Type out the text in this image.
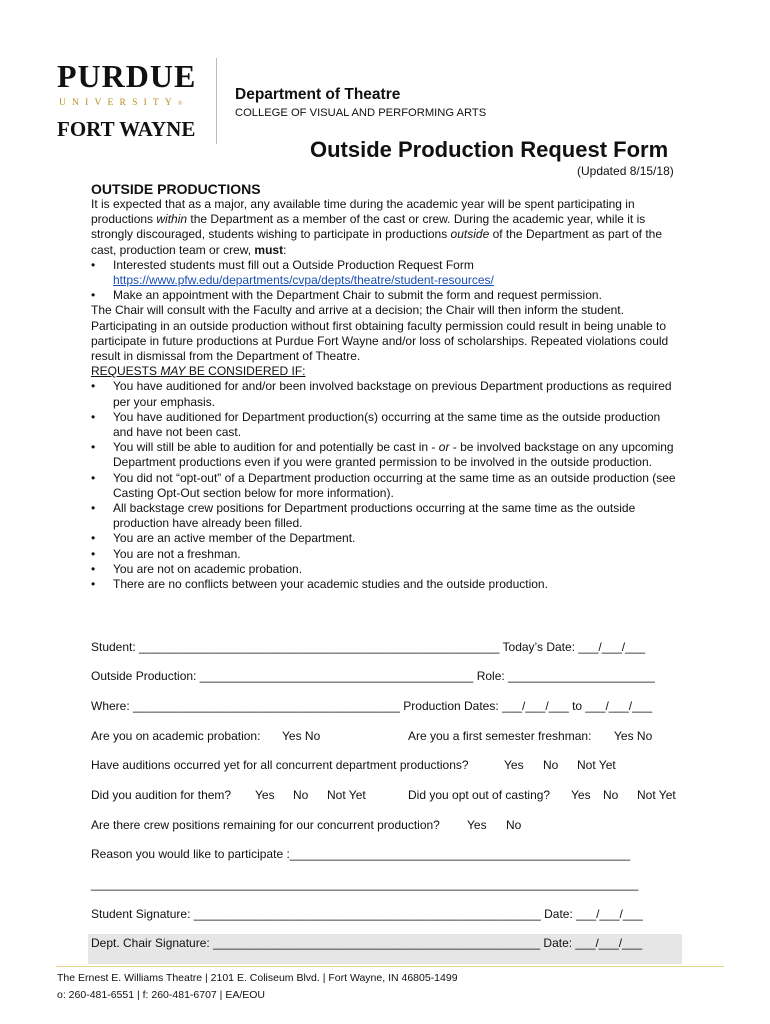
PURDUE
UNIVERSITY®
FORT WAYNE
Department of Theatre
COLLEGE OF VISUAL AND PERFORMING ARTS
Outside Production Request Form
(Updated 8/15/18)
OUTSIDE PRODUCTIONS

It is expected that as a major, any available time during the academic year will be spent participating in productions within the Department as a member of the cast or crew. During the academic year, while it is strongly discouraged, students wishing to participate in productions outside of the Department as part of the cast, production team or crew, must:

• Interested students must fill out a Outside Production Request Form
https://www.pfw.edu/departments/cvpa/depts/theatre/student-resources/
• Make an appointment with the Department Chair to submit the form and request permission.

The Chair will consult with the Faculty and arrive at a decision; the Chair will then inform the student. Participating in an outside production without first obtaining faculty permission could result in being unable to participate in future productions at Purdue Fort Wayne and/or loss of scholarships. Repeated violations could result in dismissal from the Department of Theatre.

REQUESTS MAY BE CONSIDERED IF:

• You have auditioned for and/or been involved backstage on previous Department productions as required per your emphasis.
• You have auditioned for Department production(s) occurring at the same time as the outside production and have not been cast.
• You will still be able to audition for and potentially be cast in - or - be involved backstage on any upcoming Department productions even if you were granted permission to be involved in the outside production.
• You did not “opt-out” of a Department production occurring at the same time as an outside production (see Casting Opt-Out section below for more information).
• All backstage crew positions for Department productions occurring at the same time as the outside production have already been filled.
• You are an active member of the Department.
• You are not a freshman.
• You are not on academic probation.
• There are no conflicts between your academic studies and the outside production.
Student: ______________________________________________________ Today’s Date: ___/___/___
Outside Production: _________________________________________ Role: ______________________
Where: ________________________________________ Production Dates: ___/___/___ to ___/___/___
Are you on academic probation: Yes No	Are you a first semester freshman: Yes No
Have auditions occurred yet for all concurrent department productions?	Yes No Not Yet
Did you audition for them? Yes No Not Yet	Did you opt out of casting? Yes No Not Yet
Are there crew positions remaining for our concurrent production? Yes No
Reason you would like to participate :___________________________________________________
__________________________________________________________________________________
Student Signature: ____________________________________________________ Date: ___/___/___
Dept. Chair Signature: _________________________________________________ Date: ___/___/___
The Ernest E. Williams Theatre | 2101 E. Coliseum Blvd. | Fort Wayne, IN 46805-1499
o: 260-481-6551 | f: 260-481-6707 | EA/EOU
